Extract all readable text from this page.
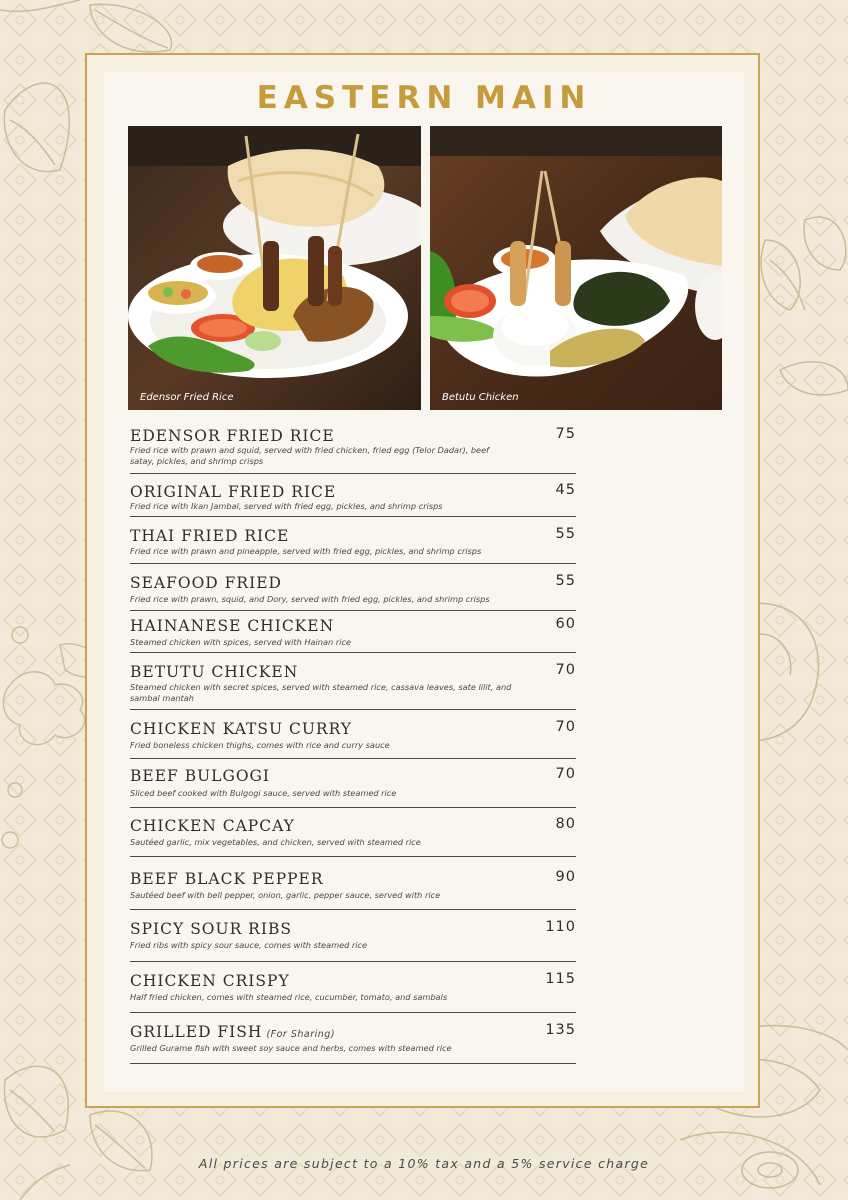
EASTERN MAIN
Edensor Fried Rice	Betutu Chicken
EDENSOR FRIED RICE	75
Fried rice with prawn and squid, served with fried chicken, fried egg (Telor Dadar), beef satay, pickles, and shrimp crisps
ORIGINAL FRIED RICE	45
Fried rice with Ikan Jambal, served with fried egg, pickles, and shrimp crisps
THAI FRIED RICE	55
Fried rice with prawn and pineapple, served with fried egg, pickles, and shrimp crisps
SEAFOOD FRIED	55
Fried rice with prawn, squid, and Dory, served with fried egg, pickles, and shrimp crisps
HAINANESE CHICKEN	60
Steamed chicken with spices, served with Hainan rice
BETUTU CHICKEN	70
Steamed chicken with secret spices, served with steamed rice, cassava leaves, sate lilit, and sambal mantah
CHICKEN KATSU CURRY	70
Fried boneless chicken thighs, comes with rice and curry sauce
BEEF BULGOGI	70
Sliced beef cooked with Bulgogi sauce, served with steamed rice
CHICKEN CAPCAY	80
Sautéed garlic, mix vegetables, and chicken, served with steamed rice
BEEF BLACK PEPPER	90
Sautéed beef with bell pepper, onion, garlic, pepper sauce, served with rice
SPICY SOUR RIBS	110
Fried ribs with spicy sour sauce, comes with steamed rice
CHICKEN CRISPY	115
Half fried chicken, comes with steamed rice, cucumber, tomato, and sambals
GRILLED FISH (For Sharing)	135
Grilled Gurame fish with sweet soy sauce and herbs, comes with steamed rice
All prices are subject to a 10% tax and a 5% service charge
